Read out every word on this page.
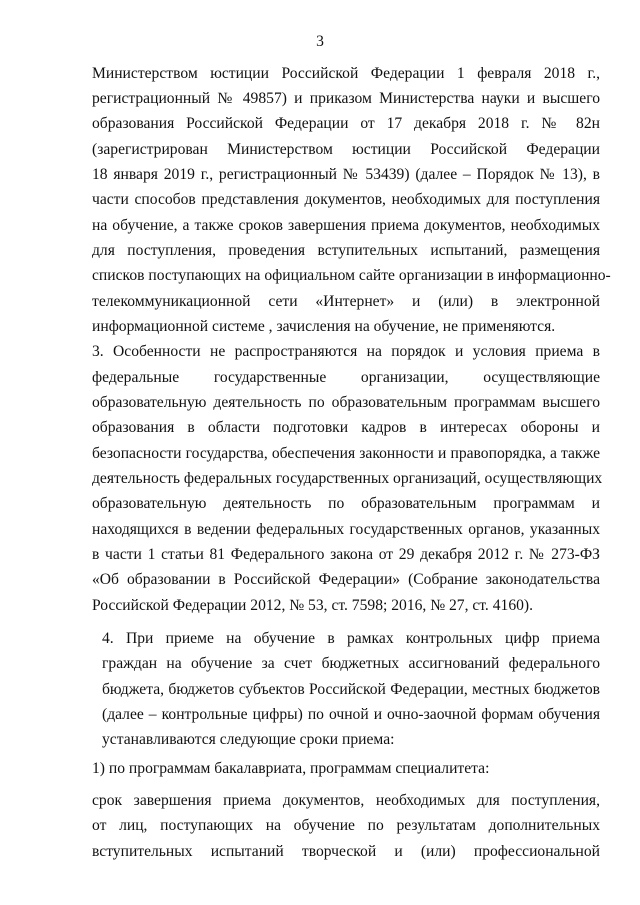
3
Министерством юстиции Российской Федерации 1 февраля 2018 г.,
регистрационный № 49857) и приказом Министерства науки и высшего
образования Российской Федерации от 17 декабря 2018 г. № 82н
(зарегистрирован Министерством юстиции Российской Федерации
18 января 2019 г., регистрационный № 53439) (далее – Порядок № 13), в
части способов представления документов, необходимых для поступления
на обучение, а также сроков завершения приема документов, необходимых
для поступления, проведения вступительных испытаний, размещения
списков поступающих на официальном сайте организации в информационно-
телекоммуникационной сети «Интернет» и (или) в электронной
информационной системе , зачисления на обучение, не применяются.
3. Особенности не распространяются на порядок и условия приема в
федеральные государственные организации, осуществляющие
образовательную деятельность по образовательным программам высшего
образования в области подготовки кадров в интересах обороны и
безопасности государства, обеспечения законности и правопорядка, а также
деятельность федеральных государственных организаций, осуществляющих
образовательную деятельность по образовательным программам и
находящихся в ведении федеральных государственных органов, указанных
в части 1 статьи 81 Федерального закона от 29 декабря 2012 г. № 273-ФЗ
«Об образовании в Российской Федерации» (Собрание законодательства
Российской Федерации 2012, № 53, ст. 7598; 2016, № 27, ст. 4160).
4. При приеме на обучение в рамках контрольных цифр приема
граждан на обучение за счет бюджетных ассигнований федерального
бюджета, бюджетов субъектов Российской Федерации, местных бюджетов
(далее – контрольные цифры) по очной и очно-заочной формам обучения
устанавливаются следующие сроки приема:
1) по программам бакалавриата, программам специалитета:
срок завершения приема документов, необходимых для поступления,
от лиц, поступающих на обучение по результатам дополнительных
вступительных испытаний творческой и (или) профессиональной
